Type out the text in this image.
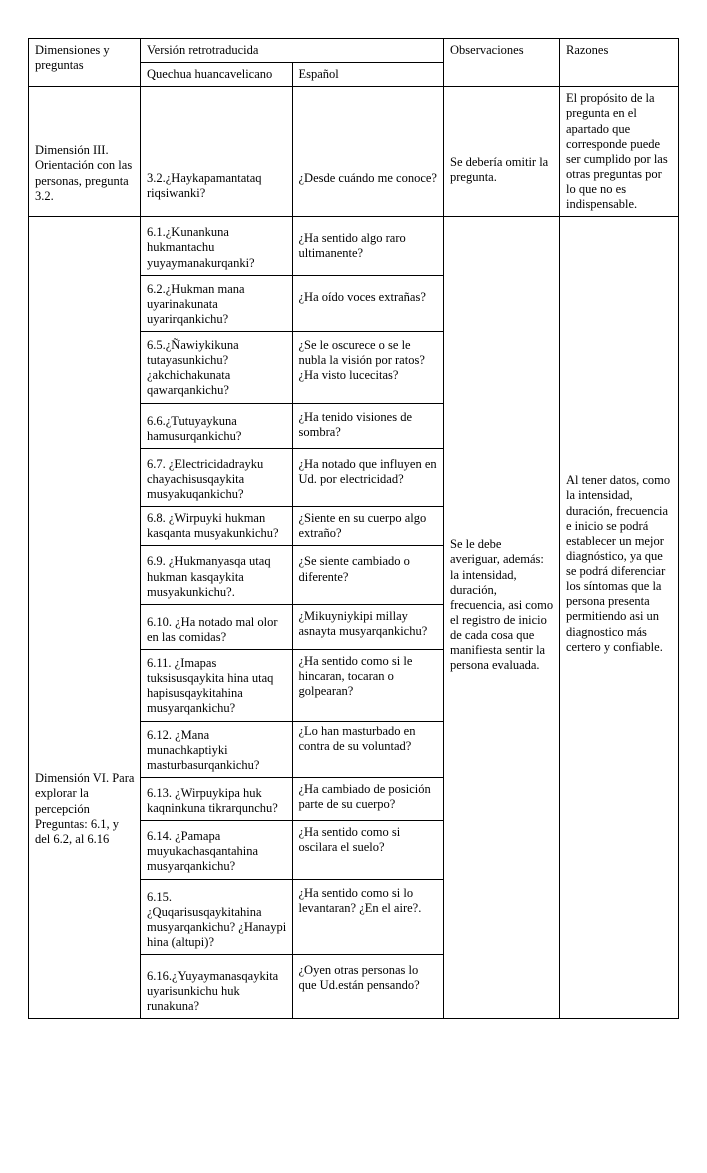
Dimensiones y preguntas	Versión retrotraducida		Observaciones	Razones
	Quechua huancavelicano	Español		
Dimensión III. Orientación con las personas, pregunta 3.2.	3.2.¿Haykapamantataq riqsiwanki?	¿Desde cuándo me conoce?	Se debería omitir la pregunta.	El propósito de la pregunta en el apartado que corresponde puede ser cumplido por las otras preguntas por lo que no es indispensable.

Dimensión VI. Para explorar la percepción Preguntas: 6.1, y del 6.2, al 6.16	6.1.¿Kunankuna hukmantachu yuyaymanakurqanki?	¿Ha sentido algo raro ultimanente?	Se le debe averiguar, además: la intensidad, duración, frecuencia, asi como el registro de inicio de cada cosa que manifiesta sentir la persona evaluada.	Al tener datos, como la intensidad, duración, frecuencia e inicio se podrá establecer un mejor diagnóstico, ya que se podrá diferenciar los síntomas que la persona presenta permitiendo asi un diagnostico más certero y confiable.

	6.2.¿Hukman mana uyarinakunata uyarirqankichu?	¿Ha oído voces extrañas?		
	6.5.¿Ñawiykikuna tutayasunkichu? ¿akchichakunata qawarqankichu?	¿Se le oscurece o se le nubla la visión por ratos? ¿Ha visto lucecitas?		
	6.6.¿Tutuyaykuna hamusurqankichu?	¿Ha tenido visiones de sombra?		
	6.7. ¿Electricidadrayku chayachisusqaykita musyakuqankichu?	¿Ha notado que influyen en Ud. por electricidad?		
	6.8. ¿Wirpuyki hukman kasqanta musyakunkichu?	¿Siente en su cuerpo algo extraño?		
	6.9. ¿Hukmanyasqa utaq hukman kasqaykita musyakunkichu?.	¿Se siente cambiado o diferente?		
	6.10. ¿Ha notado mal olor en las comidas?	¿Mikuyniykipi millay asnayta musyarqankichu?		
	6.11. ¿Imapas tuksisusqaykita hina utaq hapisusqaykitahina musyarqankichu?	¿Ha sentido como si le hincaran, tocaran o golpearan?		
	6.12. ¿Mana munachkaptiyki masturbasurqankichu?	¿Lo han masturbado en contra de su voluntad?		
	6.13. ¿Wirpuykipa huk kaqninkuna tikrarqunchu?	¿Ha cambiado de posición parte de su cuerpo?		
	6.14. ¿Pamapa muyukachasqantahina musyarqankichu?	¿Ha sentido como si oscilara el suelo?		
	6.15.¿Quqarisusqaykitahina musyarqankichu? ¿Hanaypi hina (altupi)?	¿Ha sentido como si lo levantaran? ¿En el aire?.		
	6.16.¿Yuyaymanasqaykita uyarisunkichu huk runakuna?	¿Oyen otras personas lo que Ud.están pensando?		
